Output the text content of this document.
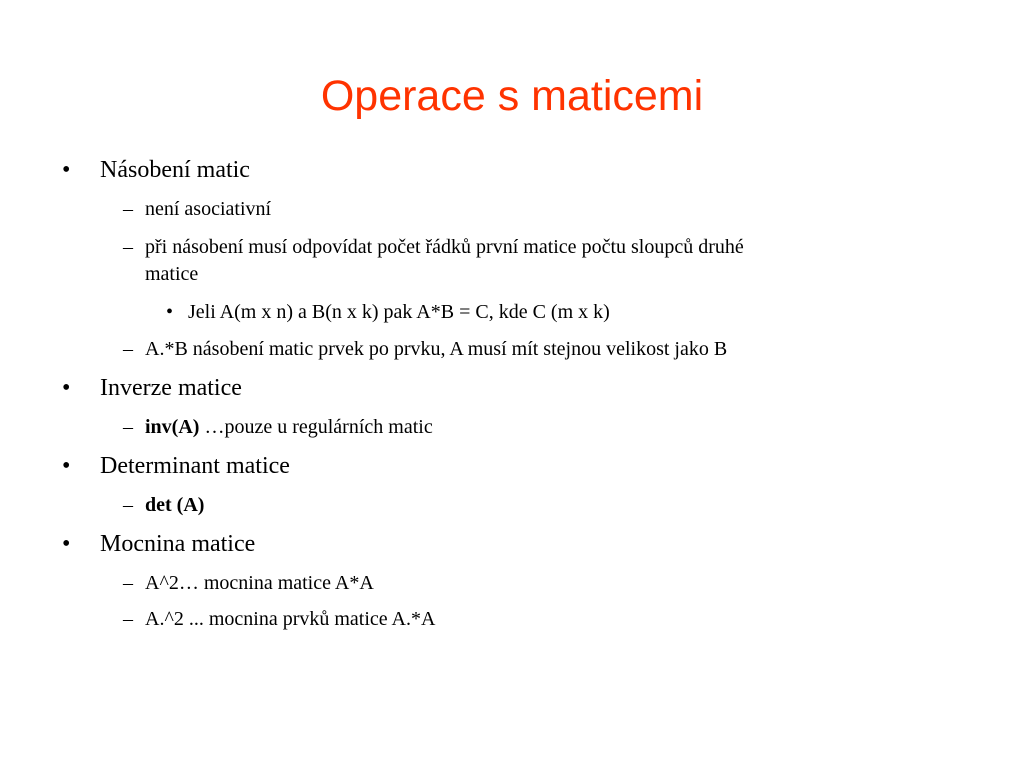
Operace s maticemi
• Násobení matic
– není asociativní
– při násobení musí odpovídat počet řádků první matice počtu sloupců druhé
matice
• Jeli A(m x n) a B(n x k) pak A*B = C, kde C (m x k)
– A.*B násobení matic prvek po prvku, A musí mít stejnou velikost jako B
• Inverze matice
– inv(A) …pouze u regulárních matic
• Determinant matice
– det (A)
• Mocnina matice
– A^2… mocnina matice A*A
– A.^2 ... mocnina prvků matice A.*A
